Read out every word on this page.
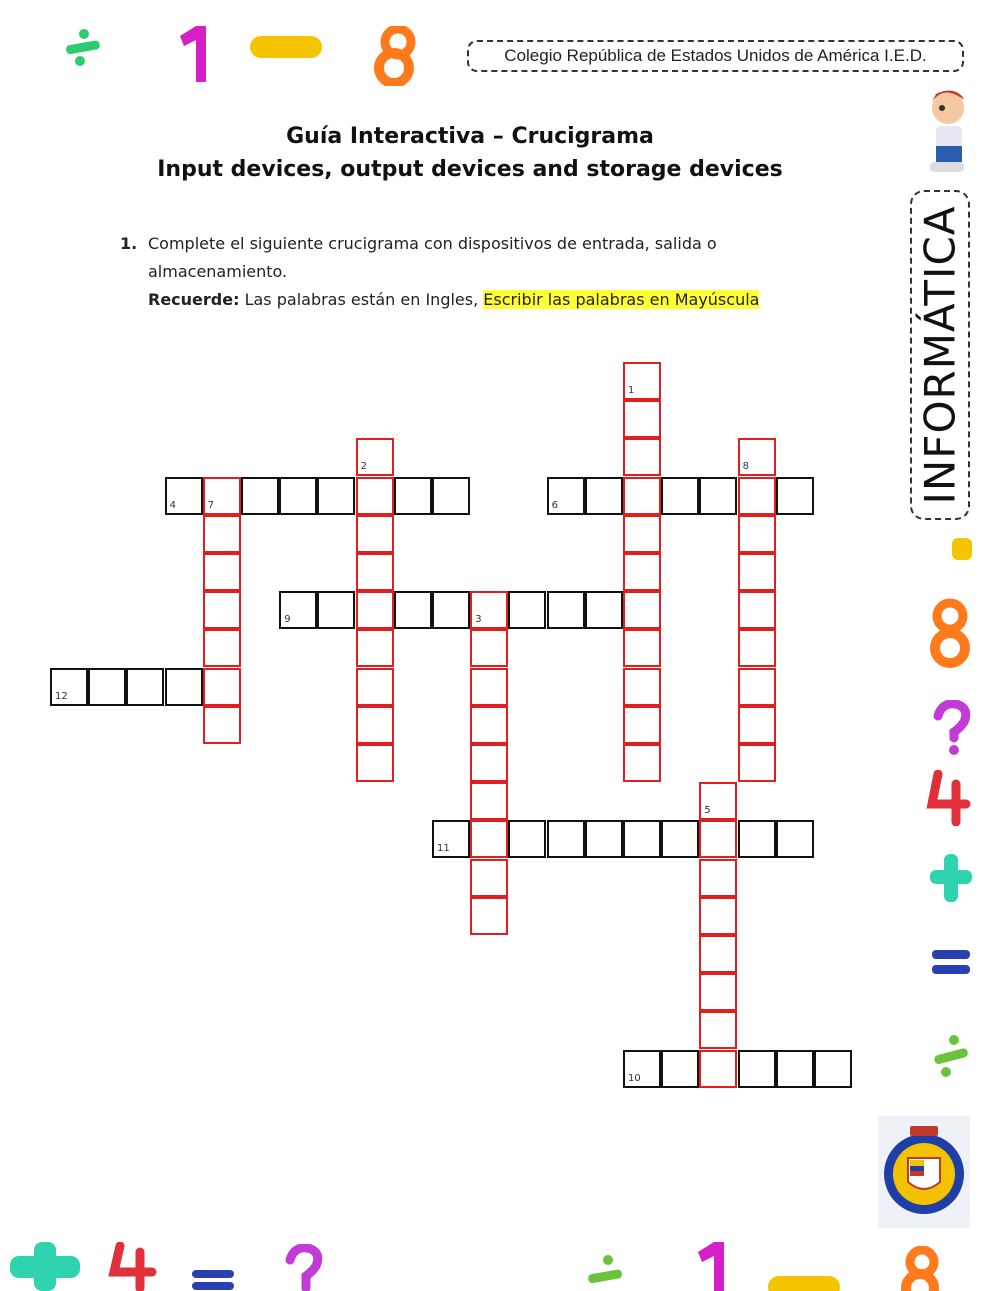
Colegio República de Estados Unidos de América I.E.D.
Guía Interactiva – Crucigrama
Input devices, output devices and storage devices
1. Complete el siguiente crucigrama con dispositivos de entrada, salida o
almacenamiento.
Recuerde: Las palabras están en Ingles, Escribir las palabras en Mayúscula
4	6
9
12
11
10
7
3
1
2	8
5
INFORMÁTICA
